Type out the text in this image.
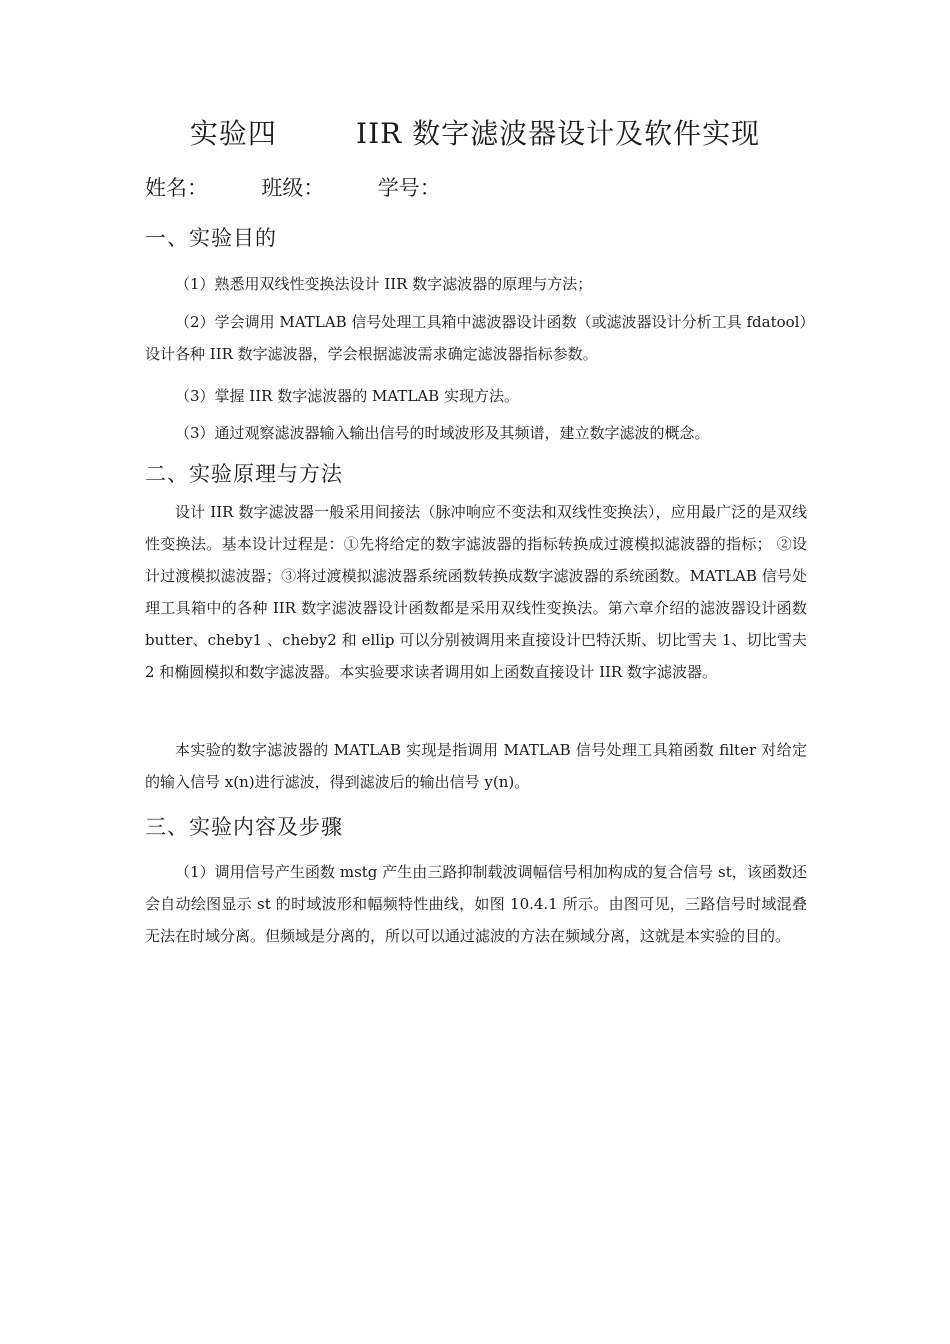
实验四        IIR 数字滤波器设计及软件实现
姓名：        班级：        学号：
一、实验目的
（1）熟悉用双线性变换法设计 IIR 数字滤波器的原理与方法；
（2）学会调用 MATLAB 信号处理工具箱中滤波器设计函数（或滤波器设计分析工具 fdatool）设计各种 IIR 数字滤波器，学会根据滤波需求确定滤波器指标参数。
（3）掌握 IIR 数字滤波器的 MATLAB 实现方法。
（3）通过观察滤波器输入输出信号的时域波形及其频谱，建立数字滤波的概念。
二、实验原理与方法
设计 IIR 数字滤波器一般采用间接法（脉冲响应不变法和双线性变换法），应用最广泛的是双线性变换法。基本设计过程是：①先将给定的数字滤波器的指标转换成过渡模拟滤波器的指标； ②设计过渡模拟滤波器；③将过渡模拟滤波器系统函数转换成数字滤波器的系统函数。MATLAB 信号处理工具箱中的各种 IIR 数字滤波器设计函数都是采用双线性变换法。第六章介绍的滤波器设计函数 butter、cheby1 、cheby2 和 ellip 可以分别被调用来直接设计巴特沃斯、切比雪夫 1、切比雪夫 2 和椭圆模拟和数字滤波器。本实验要求读者调用如上函数直接设计 IIR 数字滤波器。
本实验的数字滤波器的 MATLAB 实现是指调用 MATLAB 信号处理工具箱函数 filter 对给定的输入信号 x(n)进行滤波，得到滤波后的输出信号 y(n)。
三、实验内容及步骤
（1）调用信号产生函数 mstg 产生由三路抑制载波调幅信号相加构成的复合信号 st，该函数还会自动绘图显示 st 的时域波形和幅频特性曲线，如图 10.4.1 所示。由图可见，三路信号时域混叠无法在时域分离。但频域是分离的，所以可以通过滤波的方法在频域分离，这就是本实验的目的。
